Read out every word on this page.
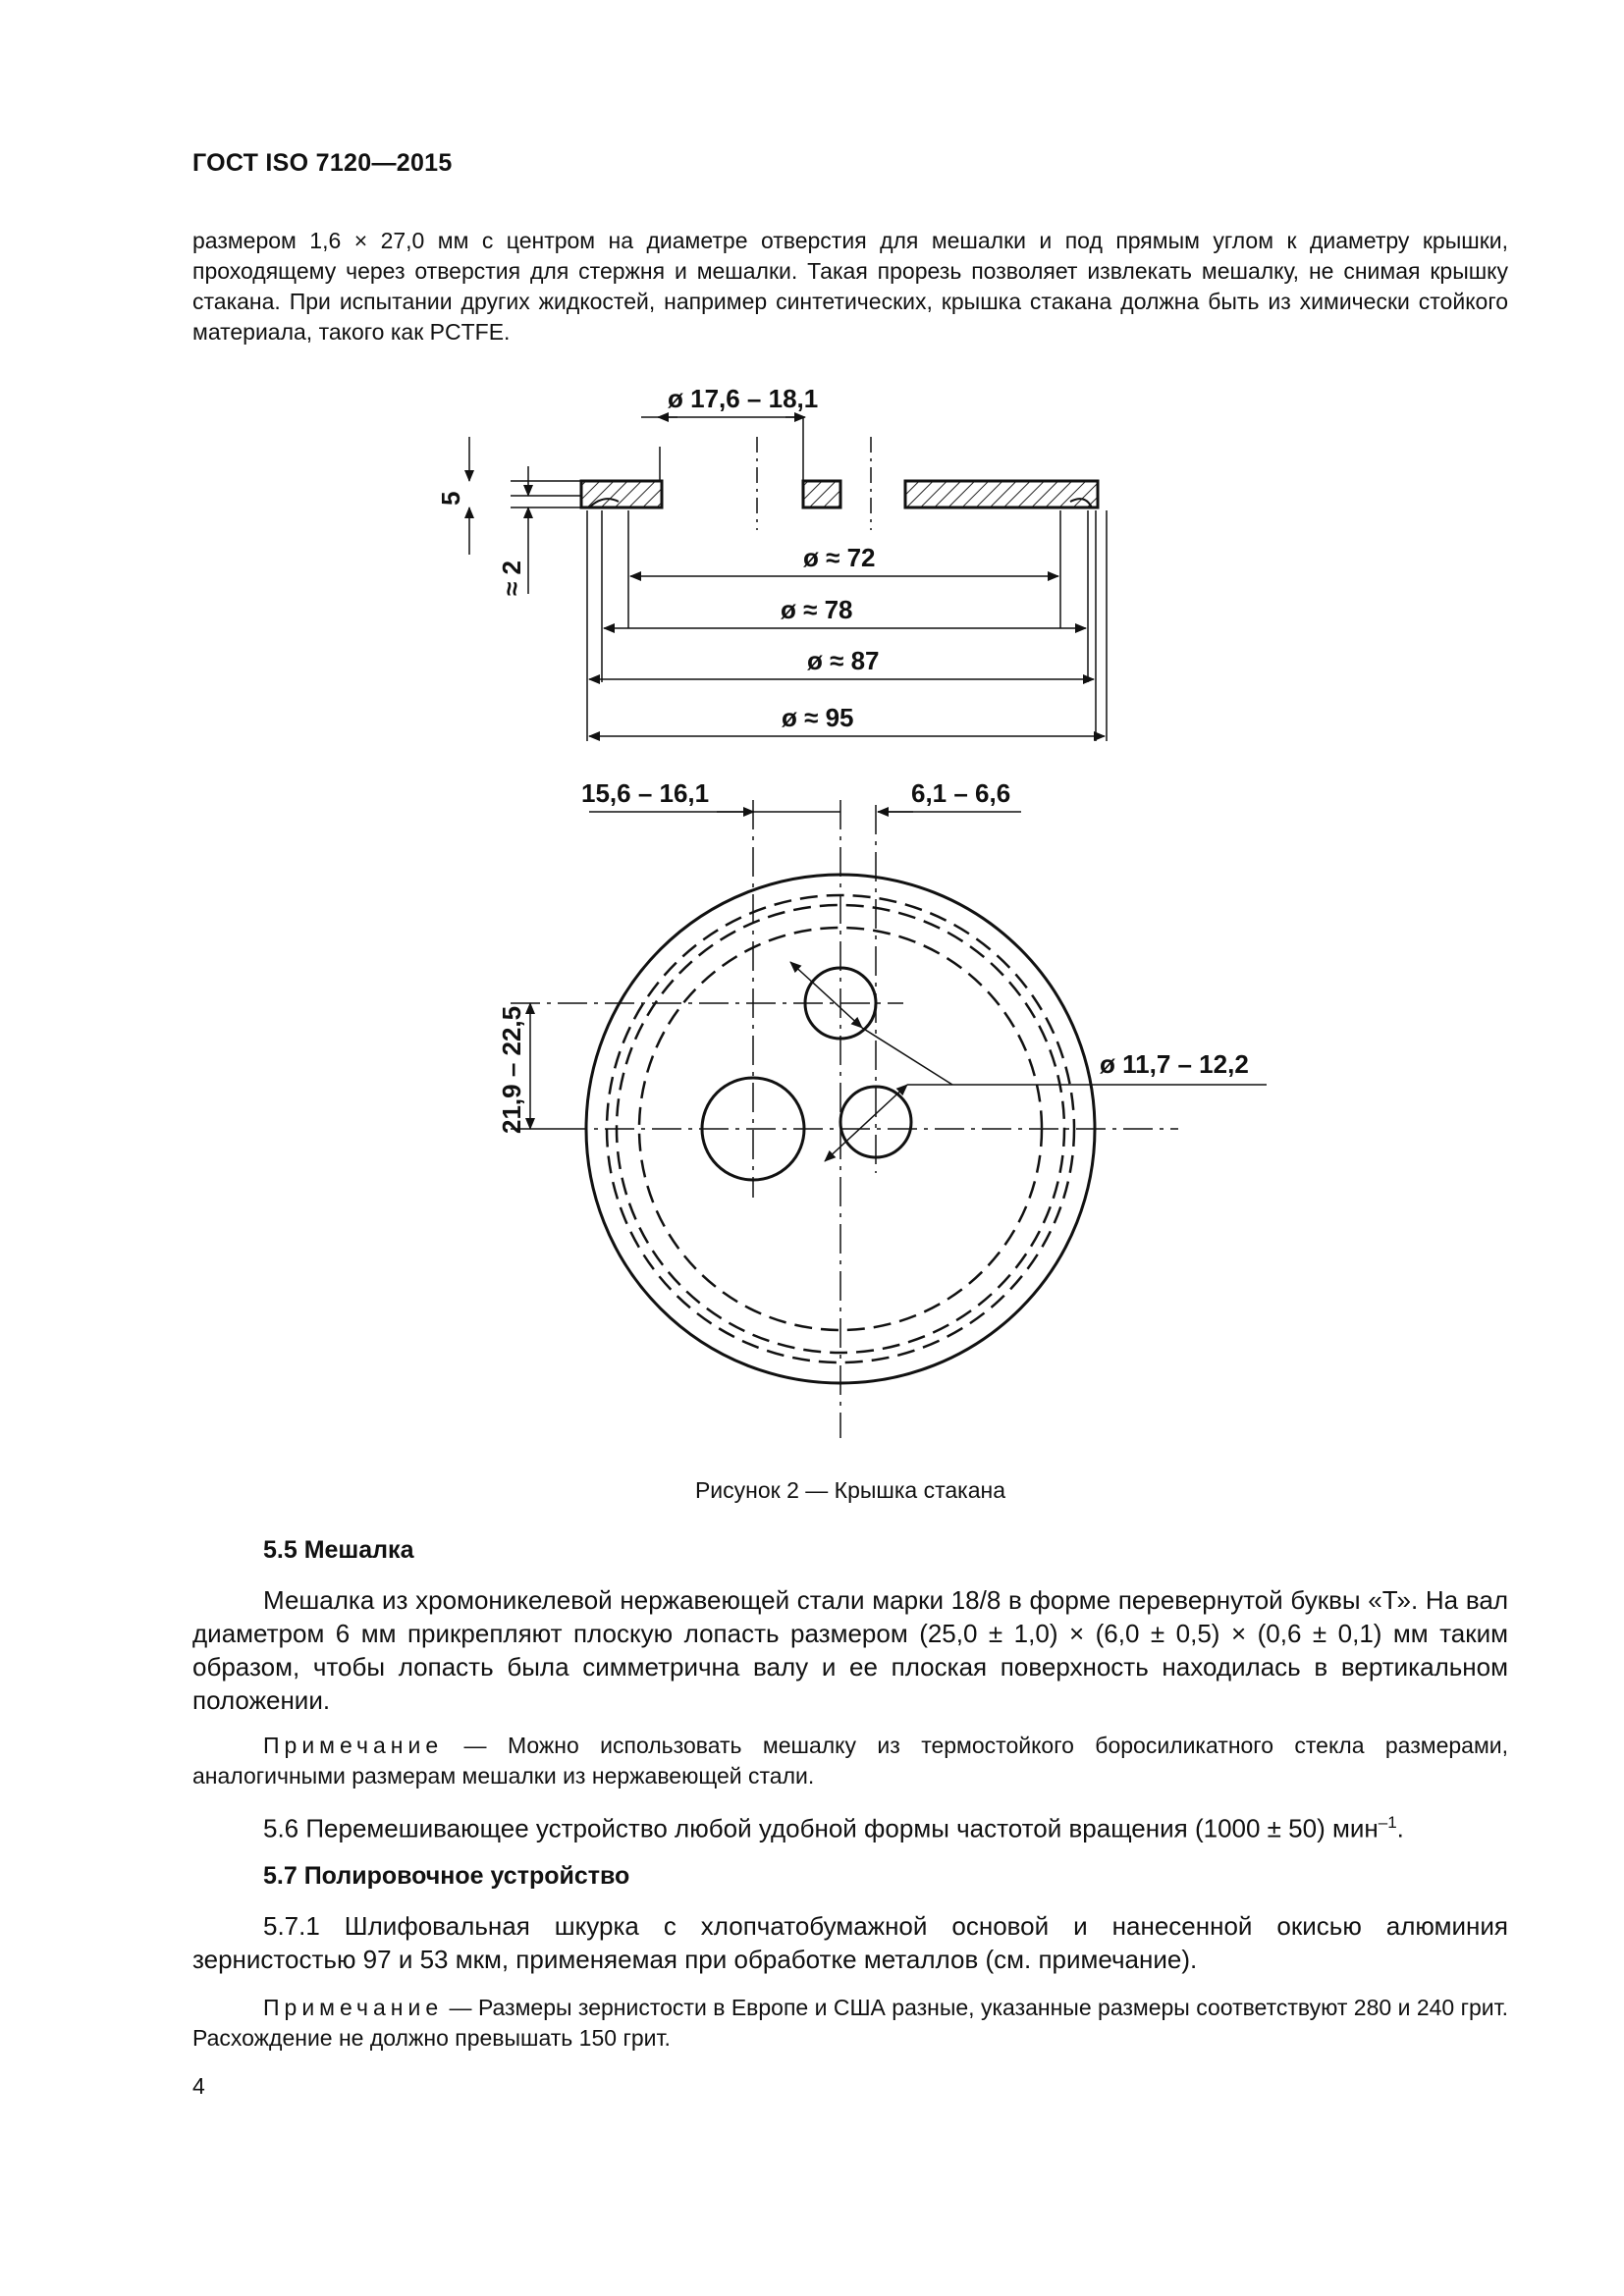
ГОСТ ISO 7120—2015
размером 1,6 × 27,0 мм с центром на диаметре отверстия для мешалки и под прямым углом к диаметру крышки, проходящему через отверстия для стержня и мешалки. Такая прорезь позволяет извлекать мешалку, не снимая крышку стакана. При испытании других жидкостей, например синтетических, крышка стакана должна быть из химически стойкого материала, такого как PCTFE.
ø 17,6 – 18,1
5
≈ 2
ø ≈ 72
ø ≈ 78
ø ≈ 87
ø ≈ 95
15,6 – 16,1	6,1 – 6,6
21,9 – 22,5	ø 11,7 – 12,2
Рисунок 2 — Крышка стакана
5.5 Мешалка
Мешалка из хромоникелевой нержавеющей стали марки 18/8 в форме перевернутой буквы «Т». На вал диаметром 6 мм прикрепляют плоскую лопасть размером (25,0 ± 1,0) × (6,0 ± 0,5) × (0,6 ± 0,1) мм таким образом, чтобы лопасть была симметрична валу и ее плоская поверхность находилась в вертикальном положении.
Примечание — Можно использовать мешалку из термостойкого боросиликатного стекла размерами, аналогичными размерам мешалки из нержавеющей стали.
5.6 Перемешивающее устройство любой удобной формы частотой вращения (1000 ± 50) мин$^{-1}$.
5.7 Полировочное устройство
5.7.1 Шлифовальная шкурка с хлопчатобумажной основой и нанесенной окисью алюминия зернистостью 97 и 53 мкм, применяемая при обработке металлов (см. примечание).
Примечание — Размеры зернистости в Европе и США разные, указанные размеры соответствуют 280 и 240 грит. Расхождение не должно превышать 150 грит.
4
